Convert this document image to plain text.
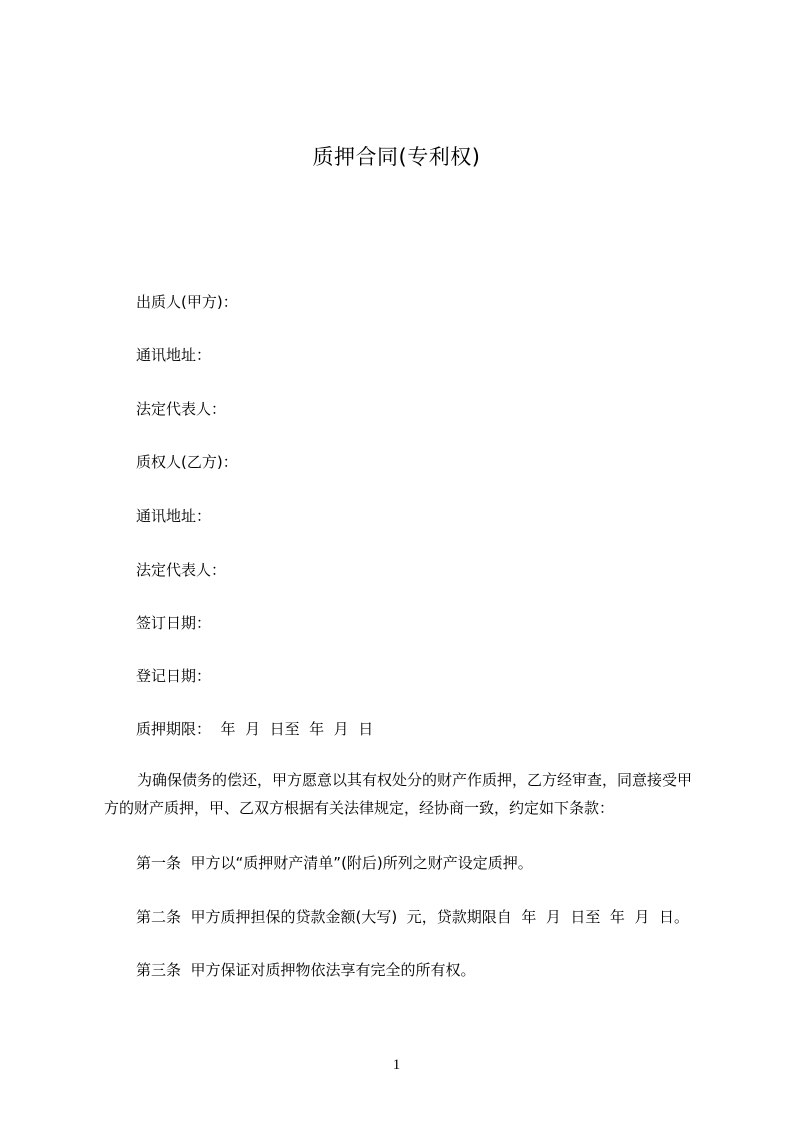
质押合同(专利权)
出质人(甲方)：
通讯地址：
法定代表人：
质权人(乙方)：
通讯地址：
法定代表人：
签订日期：
登记日期：
质押期限：  年  月  日至  年  月  日
为确保债务的偿还，甲方愿意以其有权处分的财产作质押，乙方经审查，同意接受甲方的财产质押，甲、乙双方根据有关法律规定，经协商一致，约定如下条款：
第一条  甲方以“质押财产清单”(附后)所列之财产设定质押。
第二条  甲方质押担保的贷款金额(大写)  元，贷款期限自  年  月  日至  年  月  日。
第三条  甲方保证对质押物依法享有完全的所有权。
1
